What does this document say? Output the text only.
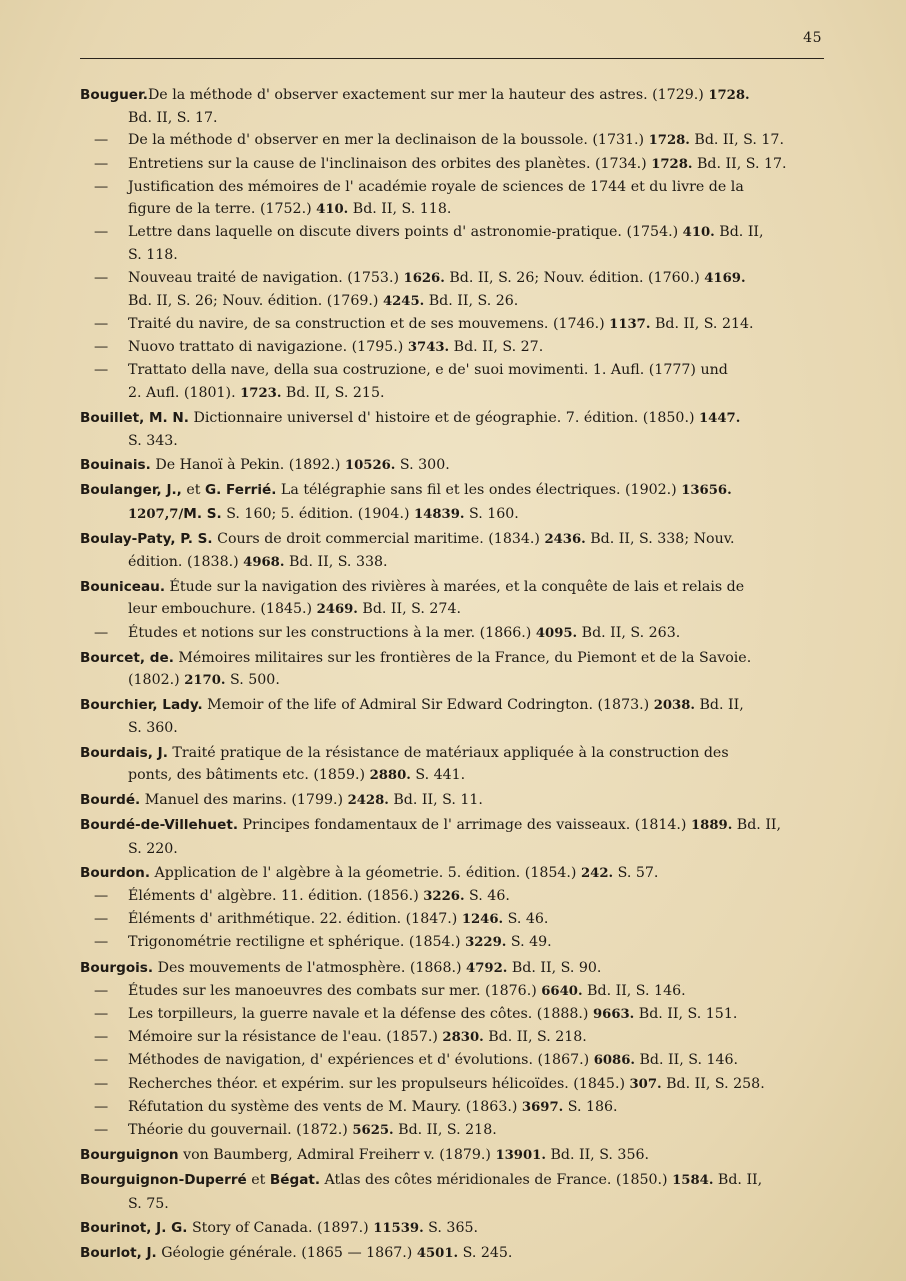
45
Bouguer.De la méthode d' observer exactement sur mer la hauteur des astres. (1729.) 1728.
Bd. II, S. 17.
— De la méthode d' observer en mer la declinaison de la boussole. (1731.) 1728. Bd. II, S. 17.
— Entretiens sur la cause de l'inclinaison des orbites des planètes. (1734.) 1728. Bd. II, S. 17.
— Justification des mémoires de l' académie royale de sciences de 1744 et du livre de la
figure de la terre. (1752.) 410. Bd. II, S. 118.
— Lettre dans laquelle on discute divers points d' astronomie-pratique. (1754.) 410. Bd. II,
S. 118.
— Nouveau traité de navigation. (1753.) 1626. Bd. II, S. 26; Nouv. édition. (1760.) 4169.
Bd. II, S. 26; Nouv. édition. (1769.) 4245. Bd. II, S. 26.
— Traité du navire, de sa construction et de ses mouvemens. (1746.) 1137. Bd. II, S. 214.
— Nuovo trattato di navigazione. (1795.) 3743. Bd. II, S. 27.
— Trattato della nave, della sua costruzione, e de' suoi movimenti. 1. Aufl. (1777) und
2. Aufl. (1801). 1723. Bd. II, S. 215.
Bouillet, M. N. Dictionnaire universel d' histoire et de géographie. 7. édition. (1850.) 1447.
S. 343.
Bouinais. De Hanoï à Pekin. (1892.) 10526. S. 300.
Boulanger, J., et G. Ferrié. La télégraphie sans fil et les ondes électriques. (1902.) 13656.
1207,7/M. S. S. 160; 5. édition. (1904.) 14839. S. 160.
Boulay-Paty, P. S. Cours de droit commercial maritime. (1834.) 2436. Bd. II, S. 338; Nouv.
édition. (1838.) 4968. Bd. II, S. 338.
Bouniceau. Étude sur la navigation des rivières à marées, et la conquête de lais et relais de
leur embouchure. (1845.) 2469. Bd. II, S. 274.
— Études et notions sur les constructions à la mer. (1866.) 4095. Bd. II, S. 263.
Bourcet, de. Mémoires militaires sur les frontières de la France, du Piemont et de la Savoie.
(1802.) 2170. S. 500.
Bourchier, Lady. Memoir of the life of Admiral Sir Edward Codrington. (1873.) 2038. Bd. II,
S. 360.
Bourdais, J. Traité pratique de la résistance de matériaux appliquée à la construction des
ponts, des bâtiments etc. (1859.) 2880. S. 441.
Bourdé. Manuel des marins. (1799.) 2428. Bd. II, S. 11.
Bourdé-de-Villehuet. Principes fondamentaux de l' arrimage des vaisseaux. (1814.) 1889. Bd. II,
S. 220.
Bourdon. Application de l' algèbre à la géometrie. 5. édition. (1854.) 242. S. 57.
— Éléments d' algèbre. 11. édition. (1856.) 3226. S. 46.
— Éléments d' arithmétique. 22. édition. (1847.) 1246. S. 46.
— Trigonométrie rectiligne et sphérique. (1854.) 3229. S. 49.
Bourgois. Des mouvements de l'atmosphère. (1868.) 4792. Bd. II, S. 90.
— Études sur les manoeuvres des combats sur mer. (1876.) 6640. Bd. II, S. 146.
— Les torpilleurs, la guerre navale et la défense des côtes. (1888.) 9663. Bd. II, S. 151.
— Mémoire sur la résistance de l'eau. (1857.) 2830. Bd. II, S. 218.
— Méthodes de navigation, d' expériences et d' évolutions. (1867.) 6086. Bd. II, S. 146.
— Recherches théor. et expérim. sur les propulseurs hélicoïdes. (1845.) 307. Bd. II, S. 258.
— Réfutation du système des vents de M. Maury. (1863.) 3697. S. 186.
— Théorie du gouvernail. (1872.) 5625. Bd. II, S. 218.
Bourguignon von Baumberg, Admiral Freiherr v. (1879.) 13901. Bd. II, S. 356.
Bourguignon-Duperré et Bégat. Atlas des côtes méridionales de France. (1850.) 1584. Bd. II,
S. 75.
Bourinot, J. G. Story of Canada. (1897.) 11539. S. 365.
Bourlot, J. Géologie générale. (1865 — 1867.) 4501. S. 245.
